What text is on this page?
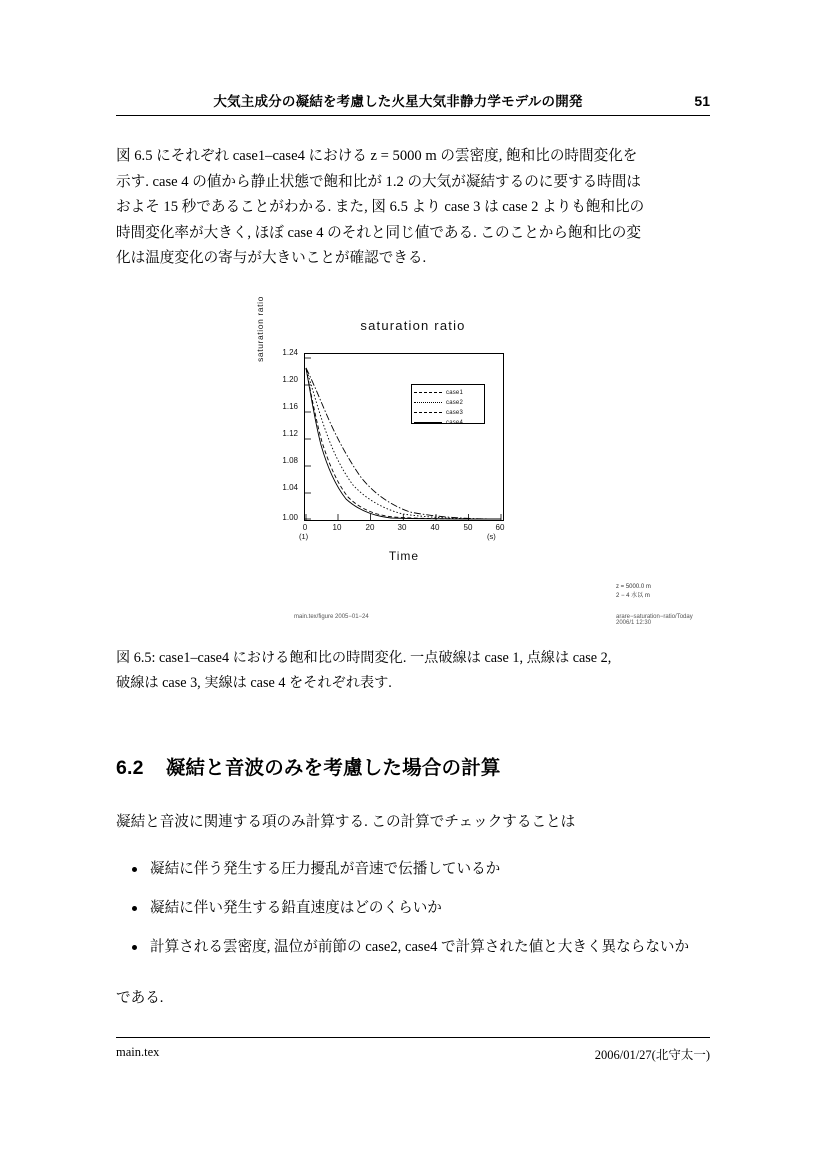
大気主成分の凝結を考慮した火星大気非静力学モデルの開発	51

図 6.5 にそれぞれ case1–case4 における z = 5000 m の雲密度, 飽和比の時間変化を
示す. case 4 の値から静止状態で飽和比が 1.2 の大気が凝結するのに要する時間は
およそ 15 秒であることがわかる. また, 図 6.5 より case 3 は case 2 よりも飽和比の
時間変化率が大きく, ほぼ case 4 のそれと同じ値である. このことから飽和比の変
化は温度変化の寄与が大きいことが確認できる.

saturation ratio
saturation ratio	1.24
1.20
1.16
1.12
1.08
1.04
1.00
case1
case2
case3
case4
0	10	20	30	40	50	60
(1)	(s)
Time
z = 5000.0 m
2 − 4 水以 m
main.tex/figure 2005−01−24	arare−saturation−ratio/Today 2006/1 12:30

図 6.5: case1–case4 における飽和比の時間変化. 一点破線は case 1, 点線は case 2,
破線は case 3, 実線は case 4 をそれぞれ表す.

6.2 凝結と音波のみを考慮した場合の計算

凝結と音波に関連する項のみ計算する. この計算でチェックすることは

凝結に伴う発生する圧力擾乱が音速で伝播しているか
凝結に伴い発生する鉛直速度はどのくらいか
計算される雲密度, 温位が前節の case2, case4 で計算された値と大きく異ならないか

である.

main.tex	2006/01/27(北守太一)
